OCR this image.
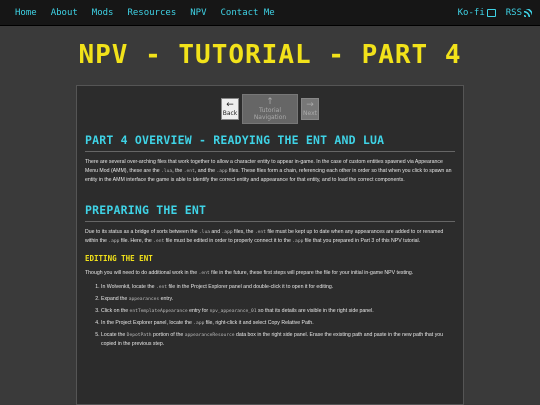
Home	About	Mods	Resources	NPV	Contact Me	Ko-fi RSS
NPV - TUTORIAL - PART 4
←
Back
↑
Tutorial Navigation
→
Next
PART 4 OVERVIEW - READYING THE ENT AND LUA

There are several over-arching files that work together to allow a character entity to appear in-game. In the case of custom entities spawned via Appearance Menu Mod (AMM), these are the .lua, the .ent, and the .app files. These files form a chain, referencing each other in order so that when you click to spawn an entity in the AMM interface the game is able to identify the correct entity and appearance for that entity, and to load the correct components.

PREPARING THE ENT

Due to its status as a bridge of sorts between the .lua and .app files, the .ent file must be kept up to date when any appearances are added to or renamed within the .app file. Here, the .ent file must be edited in order to properly connect it to the .app file that you prepared in Part 3 of this NPV tutorial.

EDITING THE ENT

Though you will need to do additional work in the .ent file in the future, these first steps will prepare the file for your initial in-game NPV testing.

1. In Wolvenkit, locate the .ent file in the Project Explorer panel and double-click it to open it for editing.
2. Expand the appearances entry.
3. Click on the entTemplateAppearance entry for npv_appearance_01 so that its details are visible in the right side panel.
4. In the Project Explorer panel, locate the .app file, right-click it and select Copy Relative Path.
5. Locate the DepotPath portion of the appearanceResource data box in the right side panel. Erase the existing path and paste in the new path that you copied in the previous step.
